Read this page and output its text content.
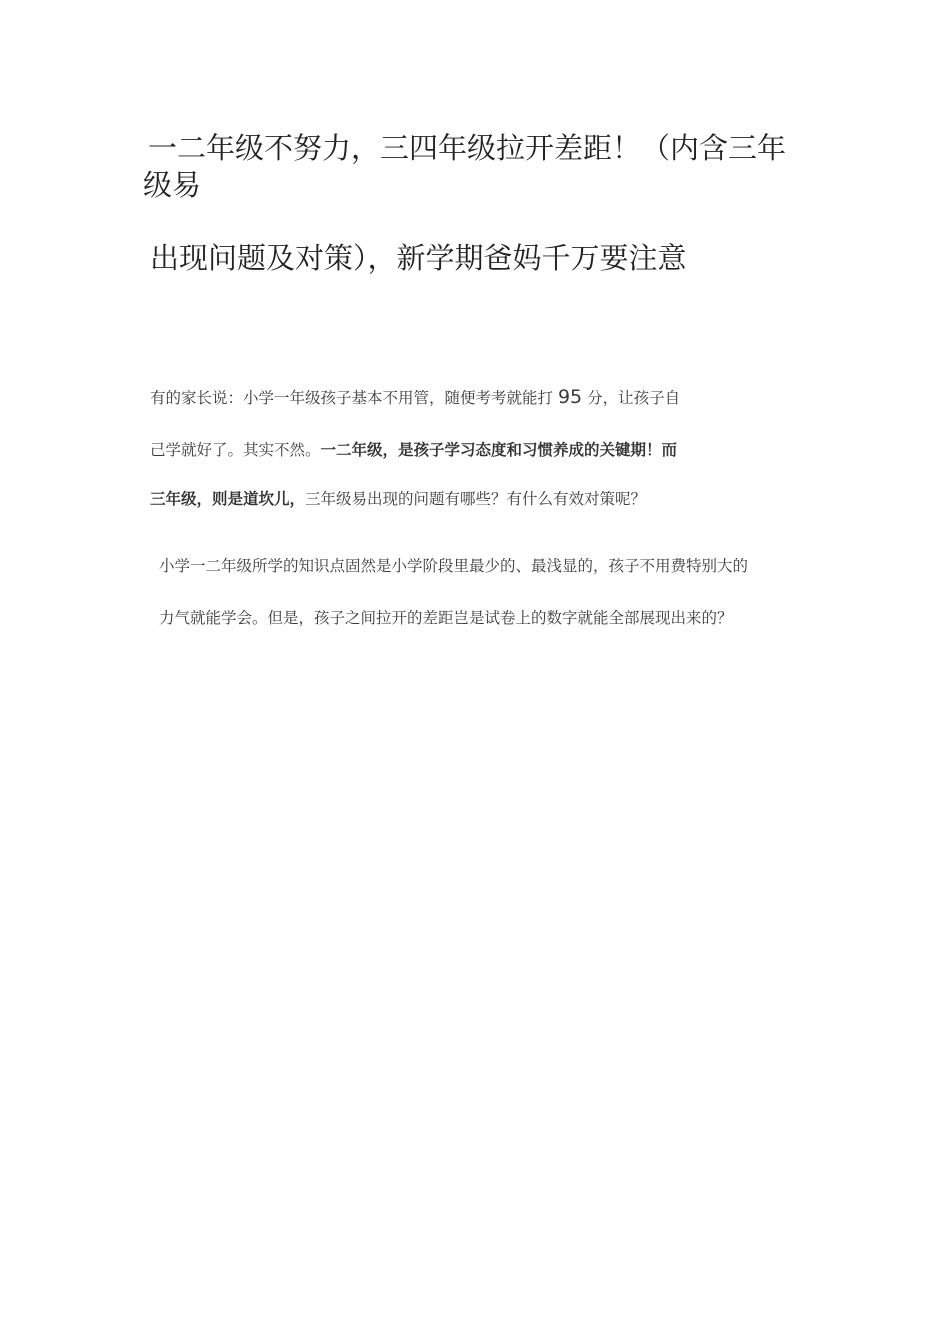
一二年级不努力，三四年级拉开差距！（内含三年
级易
出现问题及对策），新学期爸妈千万要注意

有的家长说：小学一年级孩子基本不用管，随便考考就能打 95 分，让孩子自

己学就好了。其实不然。一二年级，是孩子学习态度和习惯养成的关键期！而

三年级，则是道坎儿，三年级易出现的问题有哪些？有什么有效对策呢？

小学一二年级所学的知识点固然是小学阶段里最少的、最浅显的，孩子不用费特别大的

力气就能学会。但是，孩子之间拉开的差距岂是试卷上的数字就能全部展现出来的？
